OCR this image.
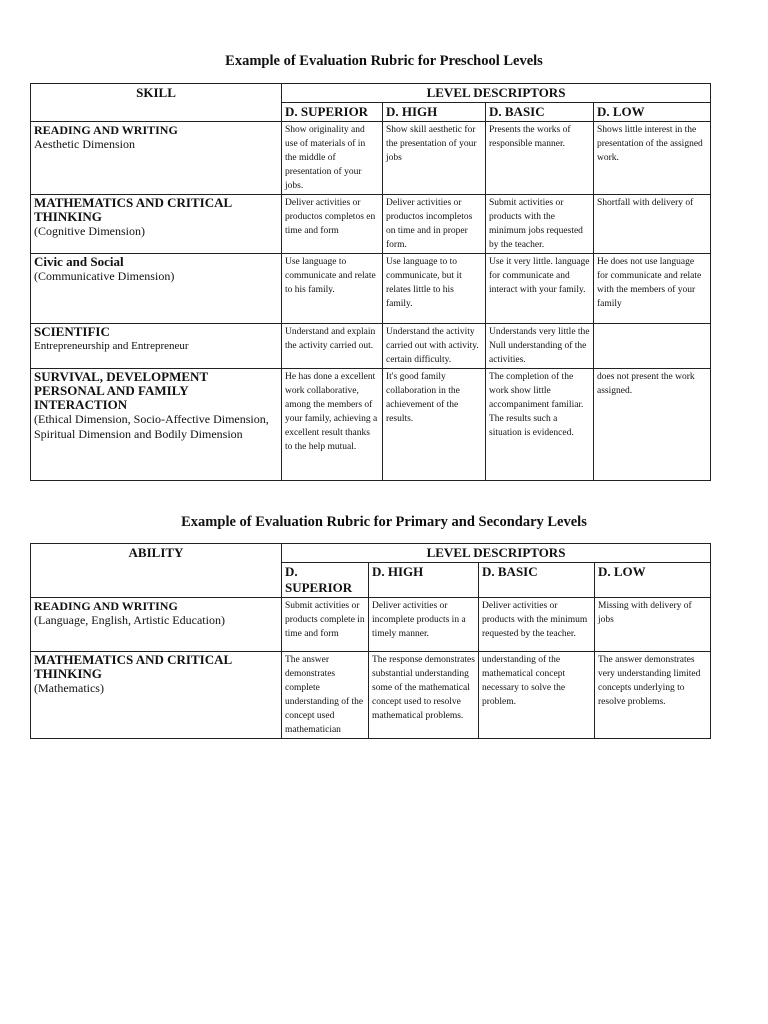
Example of Evaluation Rubric for Preschool Levels
SKILL	LEVEL DESCRIPTORS			
	D. SUPERIOR	D. HIGH	D. BASIC	D. LOW

READING AND WRITING
Aesthetic Dimension	Show originality and use of materials of in the middle of presentation of your jobs.	Show skill aesthetic for the presentation of your jobs	Presents the works of responsible manner.	Shows little interest in the presentation of the assigned work.

MATHEMATICS AND CRITICAL THINKING
(Cognitive Dimension)	Deliver activities or productos completos en time and form	Deliver activities or productos incompletos on time and in proper form.	Submit activities or products with the minimum jobs requested by the teacher.	Shortfall with delivery of

Civic and Social
(Communicative Dimension)	Use language to communicate and relate to his family.	Use language to to communicate, but it relates little to his family.	Use it very little. language for communicate and interact with your family.	He does not use language for communicate and relate with the members of your family

SCIENTIFIC
Entrepreneurship and Entrepreneur	Understand and explain the activity carried out.	Understand the activity carried out with activity. certain difficulty.	Understands very little the Null understanding of the activities.	

SURVIVAL, DEVELOPMENT PERSONAL AND FAMILY INTERACTION
(Ethical Dimension, Socio-Affective Dimension, Spiritual Dimension and Bodily Dimension	He has done a excellent work collaborative, among the members of your family, achieving a excellent result thanks to the help mutual.	It's good family collaboration in the achievement of the results.	The completion of the work show little accompaniment familiar. The results such a situation is evidenced.	does not present the work assigned.
Example of Evaluation Rubric for Primary and Secondary Levels
ABILITY	LEVEL DESCRIPTORS			
	D. SUPERIOR	D. HIGH	D. BASIC	D. LOW

READING AND WRITING
(Language, English, Artistic Education)	Submit activities or products complete in time and form	Deliver activities or incomplete products in a timely manner.	Deliver activities or products with the minimum requested by the teacher.	Missing with delivery of jobs

MATHEMATICS AND CRITICAL THINKING
(Mathematics)	The answer demonstrates complete understanding of the concept used mathematician	The response demonstrates substantial understanding some of the mathematical concept used to resolve mathematical problems.	understanding of the mathematical concept necessary to solve the problem.	The answer demonstrates very understanding limited concepts underlying to resolve problems.
